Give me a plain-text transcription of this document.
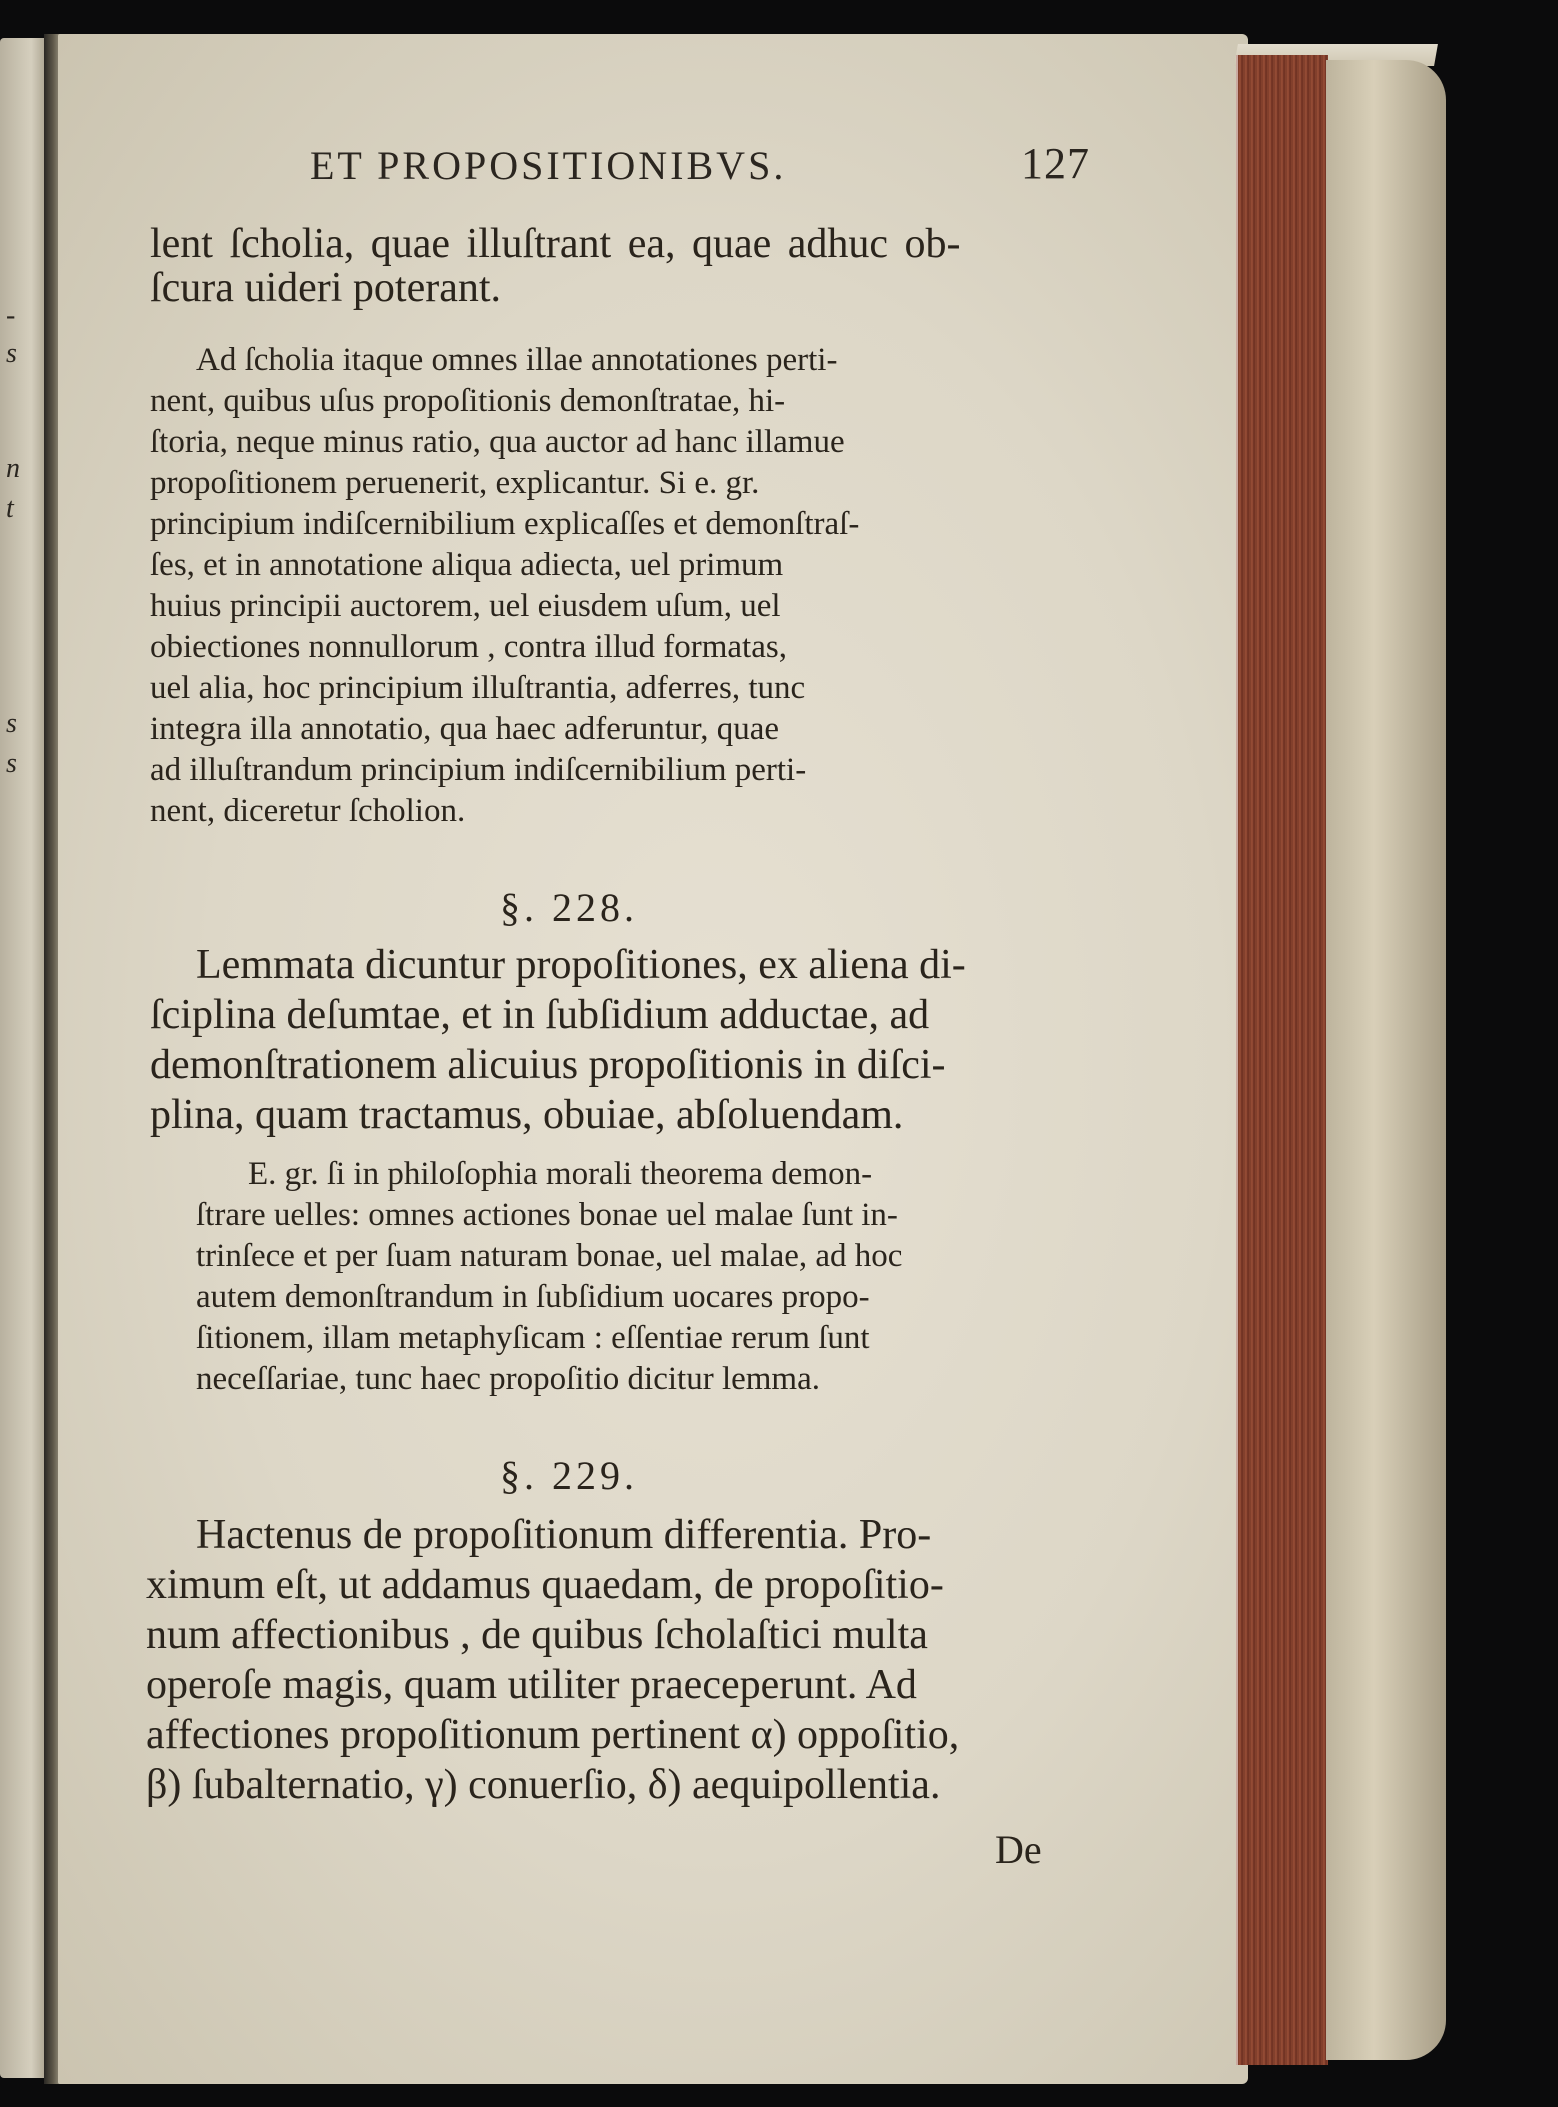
-
s
n
t
s
s
ET PROPOSITIONIBVS.	127
lent ſcholia, quae illuſtrant ea, quae adhuc ob-
ſcura uideri poterant.
Ad ſcholia itaque omnes illae annotationes perti-
nent, quibus uſus propoſitionis demonſtratae, hi-
ſtoria, neque minus ratio, qua auctor ad hanc illamue
propoſitionem peruenerit, explicantur. Si e. gr.
principium indiſcernibilium explicaſſes et demonſtraſ-
ſes, et in annotatione aliqua adiecta, uel primum
huius principii auctorem, uel eiusdem uſum, uel
obiectiones nonnullorum , contra illud formatas,
uel alia, hoc principium illuſtrantia, adferres, tunc
integra illa annotatio, qua haec adferuntur, quae
ad illuſtrandum principium indiſcernibilium perti-
nent, diceretur ſcholion.
§. 228.
Lemmata dicuntur propoſitiones, ex aliena di-
ſciplina deſumtae, et in ſubſidium adductae, ad
demonſtrationem alicuius propoſitionis in diſci-
plina, quam tractamus, obuiae, abſoluendam.
E. gr. ſi in philoſophia morali theorema demon-
ſtrare uelles: omnes actiones bonae uel malae ſunt in-
trinſece et per ſuam naturam bonae, uel malae, ad hoc
autem demonſtrandum in ſubſidium uocares propo-
ſitionem, illam metaphyſicam : eſſentiae rerum ſunt
neceſſariae, tunc haec propoſitio dicitur lemma.
§. 229.
Hactenus de propoſitionum differentia. Pro-
ximum eſt, ut addamus quaedam, de propoſitio-
num affectionibus , de quibus ſcholaſtici multa
operoſe magis, quam utiliter praeceperunt. Ad
affectiones propoſitionum pertinent α) oppoſitio,
β) ſubalternatio, γ) conuerſio, δ) aequipollentia.
De
